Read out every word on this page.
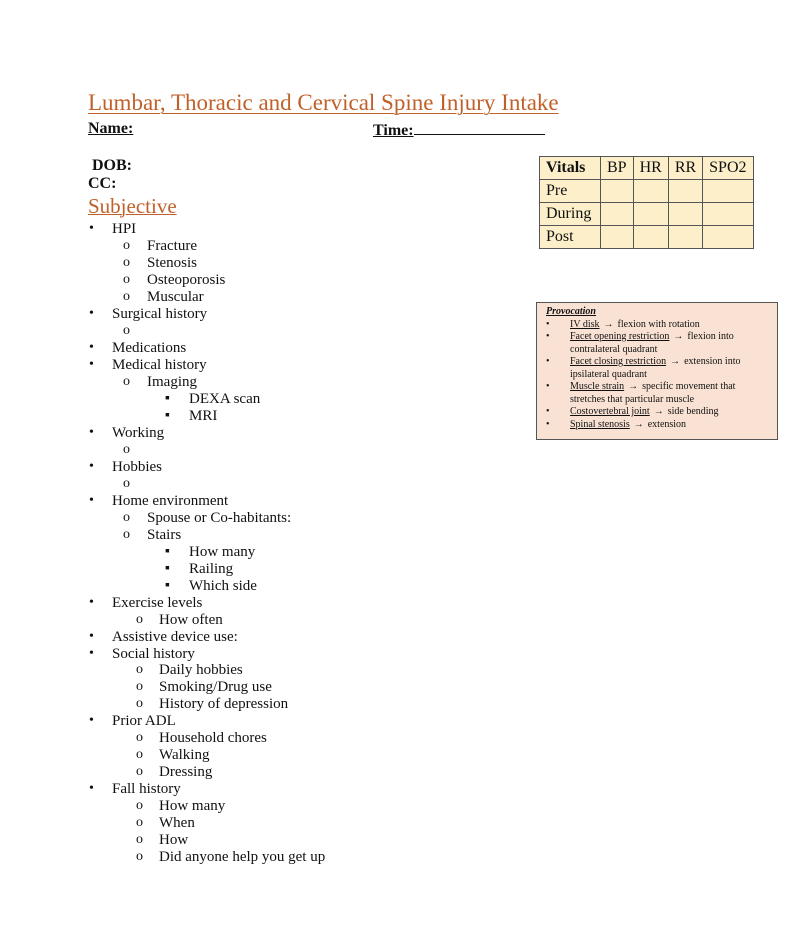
Lumbar, Thoracic and Cervical Spine Injury Intake
Name:	Time:
DOB:
CC:
Subjective
• HPI
o Fracture
o Stenosis
o Osteoporosis
o Muscular
• Surgical history
o
• Medications
• Medical history
o Imaging
▪ DEXA scan
▪ MRI
• Working
o
• Hobbies
o
• Home environment
o Spouse or Co-habitants:
o Stairs
▪ How many
▪ Railing
▪ Which side
• Exercise levels
o How often
• Assistive device use:
• Social history
o Daily hobbies
o Smoking/Drug use
o History of depression
• Prior ADL
o Household chores
o Walking
o Dressing
• Fall history
o How many
o When
o How
o Did anyone help you get up
Vitals	BP	HR	RR	SPO2
Pre				
During				
Post				
Provocation
• IV disk → flexion with rotation
• Facet opening restriction → flexion into contralateral quadrant
• Facet closing restriction → extension into ipsilateral quadrant
• Muscle strain → specific movement that stretches that particular muscle
• Costovertebral joint → side bending
• Spinal stenosis → extension
